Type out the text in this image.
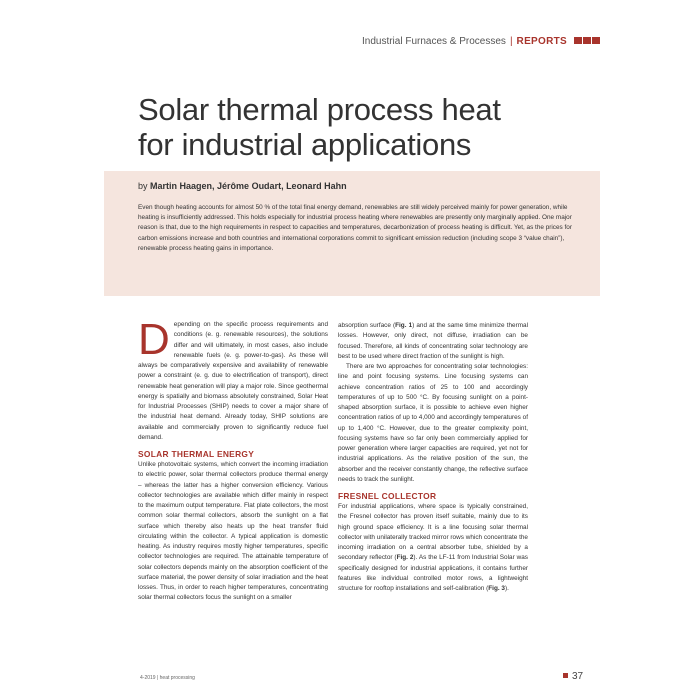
Industrial Furnaces & Processes | REPORTS
Solar thermal process heat
for industrial applications
by Martin Haagen, Jérôme Oudart, Leonard Hahn

Even though heating accounts for almost 50 % of the total final energy demand, renewables are still widely perceived mainly for power generation, while heating is insufficiently addressed. This holds especially for industrial process heating where renewables are presently only marginally applied. One major reason is that, due to the high requirements in respect to capacities and temperatures, decarbonization of process heating is difficult. Yet, as the prices for carbon emissions increase and both countries and international corporations commit to significant emission reduction (including scope 3 “value chain”), renewable process heating gains in importance.

Depending on the specific process requirements and conditions (e. g. renewable resources), the solutions differ and will ultimately, in most cases, also include renewable fuels (e. g. power-to-gas). As these will always be comparatively expensive and availability of renewable power a constraint (e. g. due to electrification of transport), direct renewable heat generation will play a major role. Since geothermal energy is spatially and biomass absolutely constrained, Solar Heat for Industrial Processes (SHIP) needs to cover a major share of the industrial heat demand. Already today, SHIP solutions are available and commercially proven to significantly reduce fuel demand.

SOLAR THERMAL ENERGY

Unlike photovoltaic systems, which convert the incoming irradiation to electric power, solar thermal collectors produce thermal energy – whereas the latter has a higher conversion efficiency. Various collector technologies are available which differ mainly in respect to the maximum output temperature. Flat plate collectors, the most common solar thermal collectors, absorb the sunlight on a flat surface which thereby also heats up the heat transfer fluid circulating within the collector. A typical application is domestic heating. As industry requires mostly higher temperatures, specific collector technologies are required. The attainable temperature of solar collectors depends mainly on the absorption coefficient of the surface material, the power density of solar irradiation and the heat losses. Thus, in order to reach higher temperatures, concentrating solar thermal collectors focus the sunlight on a smaller

absorption surface (Fig. 1) and at the same time minimize thermal losses. However, only direct, not diffuse, irradiation can be focused. Therefore, all kinds of concentrating solar technology are best to be used where direct fraction of the sunlight is high.

There are two approaches for concentrating solar technologies: line and point focusing systems. Line focusing systems can achieve concentration ratios of 25 to 100 and accordingly temperatures of up to 500 °C. By focusing sunlight on a point-shaped absorption surface, it is possible to achieve even higher concentration ratios of up to 4,000 and accordingly temperatures of up to 1,400 °C. However, due to the greater complexity point, focusing systems have so far only been commercially applied for power generation where larger capacities are required, yet not for industrial applications. As the relative position of the sun, the absorber and the receiver constantly change, the reflective surface needs to track the sunlight.

FRESNEL COLLECTOR

For industrial applications, where space is typically constrained, the Fresnel collector has proven itself suitable, mainly due to its high ground space efficiency. It is a line focusing solar thermal collector with unilaterally tracked mirror rows which concentrate the incoming irradiation on a central absorber tube, shielded by a secondary reflector (Fig. 2). As the LF-11 from Industrial Solar was specifically designed for industrial applications, it contains further features like individual controlled motor rows, a lightweight structure for rooftop installations and self-calibration (Fig. 3).

4-2019 | heat processing	37
